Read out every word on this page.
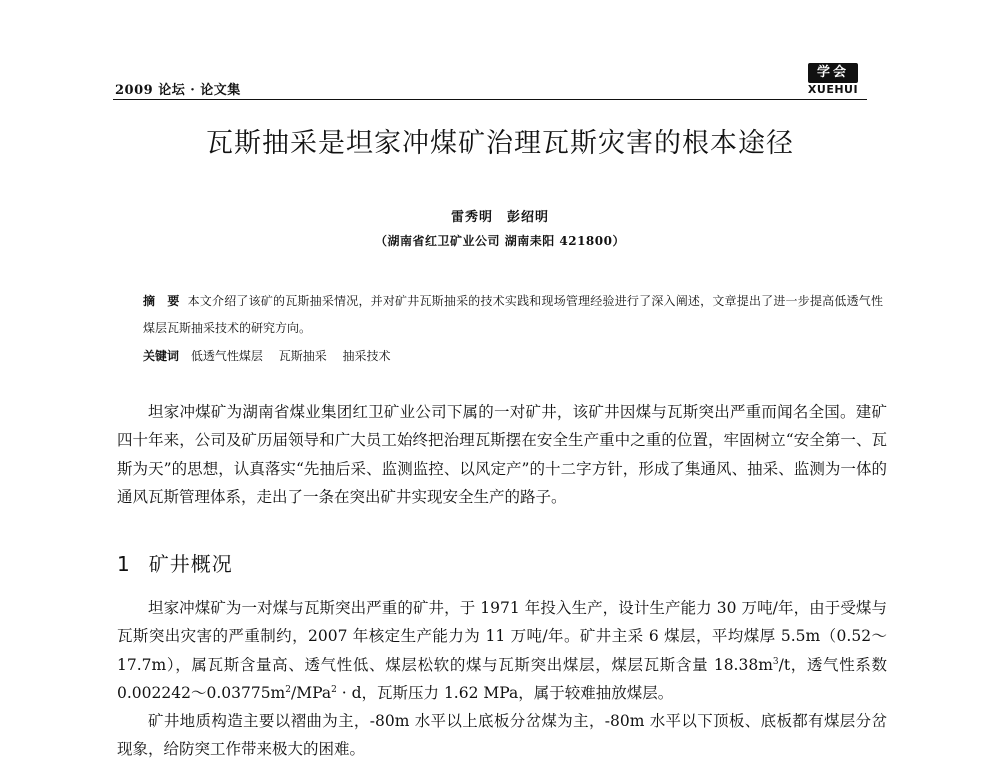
2009 论坛 · 论文集
学会
XUEHUI
瓦斯抽采是坦家冲煤矿治理瓦斯灾害的根本途径
雷秀明　彭绍明
（湖南省红卫矿业公司 湖南耒阳 421800）
摘　要 本文介绍了该矿的瓦斯抽采情况，并对矿井瓦斯抽采的技术实践和现场管理经验进行了深入阐述，文章提出了进一步提高低透气性煤层瓦斯抽采技术的研究方向。
关键词 低透气性煤层 瓦斯抽采 抽采技术

坦家冲煤矿为湖南省煤业集团红卫矿业公司下属的一对矿井，该矿井因煤与瓦斯突出严重而闻名全国。建矿四十年来，公司及矿历届领导和广大员工始终把治理瓦斯摆在安全生产重中之重的位置，牢固树立“安全第一、瓦斯为天”的思想，认真落实“先抽后采、监测监控、以风定产”的十二字方针，形成了集通风、抽采、监测为一体的通风瓦斯管理体系，走出了一条在突出矿井实现安全生产的路子。

1 矿井概况

坦家冲煤矿为一对煤与瓦斯突出严重的矿井，于 1971 年投入生产，设计生产能力 30 万吨/年，由于受煤与瓦斯突出灾害的严重制约，2007 年核定生产能力为 11 万吨/年。矿井主采 6 煤层，平均煤厚 5.5m（0.52～17.7m），属瓦斯含量高、透气性低、煤层松软的煤与瓦斯突出煤层，煤层瓦斯含量 $18.38m^3/t$，透气性系数 $0.002242\sim 0.03775m^2/MPa^2 \cdot d$，瓦斯压力 1.62 MPa，属于较难抽放煤层。

矿井地质构造主要以褶曲为主，-80m 水平以上底板分岔煤为主，-80m 水平以下顶板、底板都有煤层分岔现象，给防突工作带来极大的困难。
